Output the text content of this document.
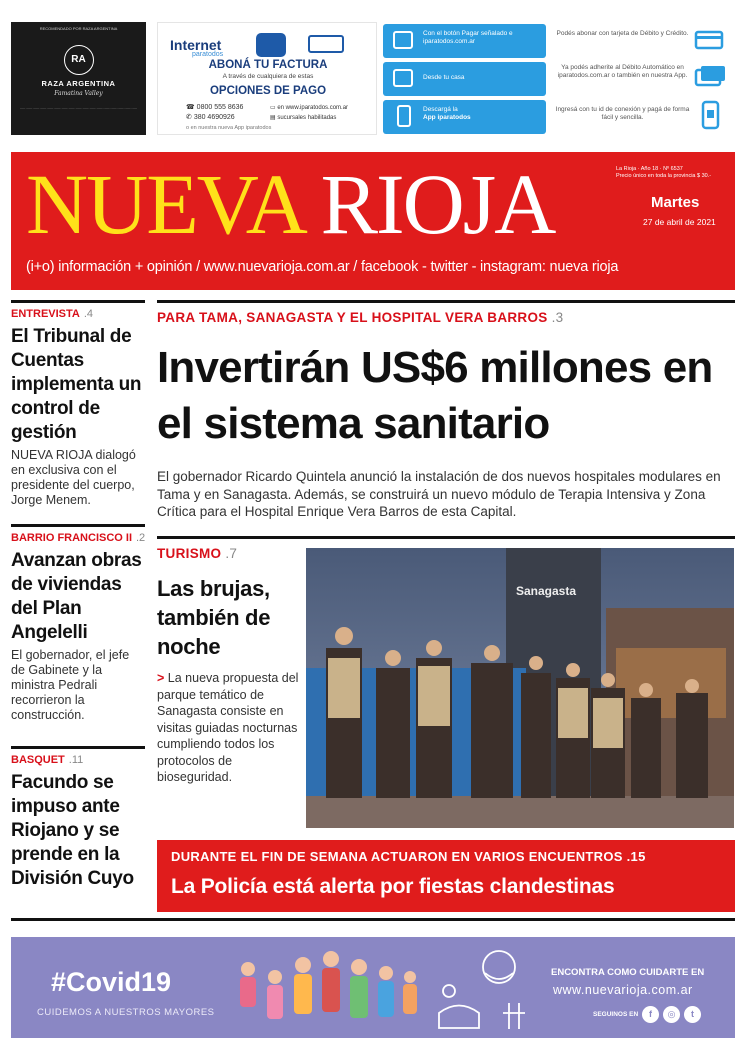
RECOMENDADO POR RAZA ARGENTINA
RA
RAZA ARGENTINA
Famatina Valley
·····································································································
Internet
paratodos
ABONÁ TU FACTURA
A través de cualquiera de estas
OPCIONES DE PAGO
☎ 0800 555 8636
✆ 380 4690926
▭ en www.iparatodos.com.ar
▤ sucursales habilitadas
o en nuestra nueva App iparatodos
Con el botón Pagar señalado e iparatodos.com.ar
Desde tu casa
Descargá la
App iparatodos
Podés abonar con tarjeta de Débito y Crédito.
Ya podés adherite al Débito Automático en iparatodos.com.ar o también en nuestra App.
Ingresá con tu id de conexión y pagá de forma fácil y sencilla.
NUEVA RIOJA	La Rioja · Año 18 · Nº 6537
Precio único en toda la provincia $ 30.-
Martes
27 de abril de 2021
(i+o) información + opinión / www.nuevarioja.com.ar / facebook - twitter - instagram: nueva rioja
ENTREVISTA .4
El Tribunal de Cuentas implementa un control de gestión
NUEVA RIOJA dialogó en exclusiva con el presidente del cuerpo, Jorge Menem.
BARRIO FRANCISCO II .2
Avanzan obras de viviendas del Plan Angelelli
El gobernador, el jefe de Gabinete y la ministra Pedrali recorrieron la construcción.
BASQUET .11
Facundo se impuso ante Riojano y se prende en la División Cuyo
PARA TAMA, SANAGASTA Y EL HOSPITAL VERA BARROS .3
Invertirán US$6 millones en el sistema sanitario
El gobernador Ricardo Quintela anunció la instalación de dos nuevos hospitales modulares en Tama y en Sanagasta. Además, se construirá un nuevo módulo de Terapia Intensiva y Zona Crítica para el Hospital Enrique Vera Barros de esta Capital.
TURISMO .7
Las brujas, también de noche
> La nueva propuesta del parque temático de Sanagasta consiste en visitas guiadas nocturnas cumpliendo todos los protocolos de bioseguridad.
Sanagasta
DURANTE EL FIN DE SEMANA ACTUARON EN VARIOS ENCUENTROS .15
La Policía está alerta por fiestas clandestinas
#Covid19
CUIDEMOS A NUESTROS MAYORES
ENCONTRA COMO CUIDARTE EN
www.nuevarioja.com.ar
SEGUINOS EN	f	◎	t
